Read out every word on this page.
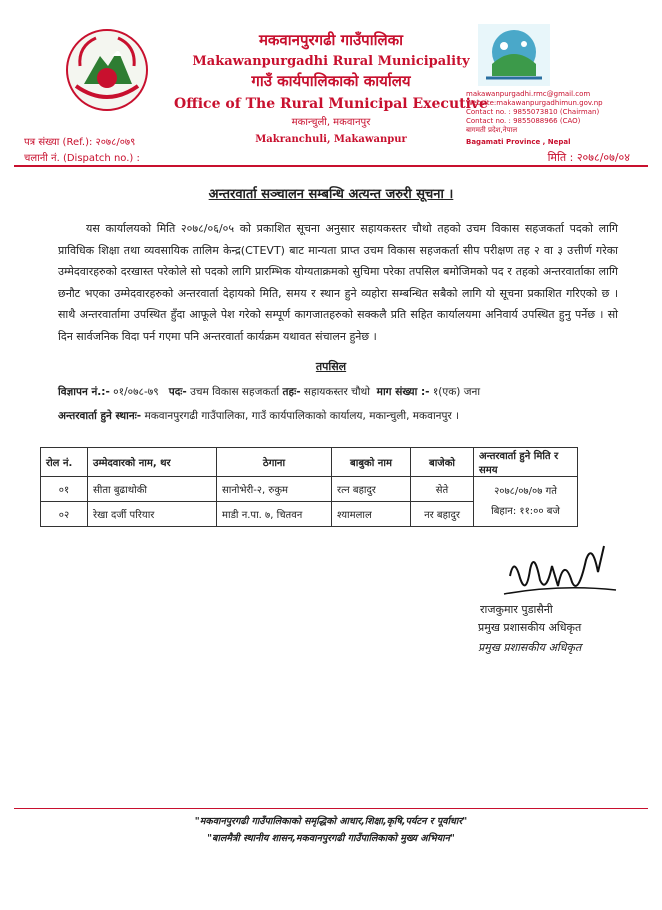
मकवानपुरगढी गाउँपालिका
Makawanpurgadhi Rural Municipality
गाउँ कार्यपालिकाको कार्यालय
Office of The Rural Municipal Executive
मकान्चुली, मकवानपुर
Makranchuli, Makawanpur
makawanpurgadhi.rmc@gmail.com
Website:makawanpurgadhimun.gov.np
Contact no. : 9855073810 (Chairman)
Contact no. : 9855088966 (CAO)
बागमती प्रदेश,नेपाल
Bagamati Province , Nepal
पत्र संख्या (Ref.): २०७८/०७९
चलानी नं. (Dispatch no.) :	मिति : २०७८/०७/०४
अन्तरवार्ता सञ्चालन सम्बन्धि अत्यन्त जरुरी सूचना ।
यस कार्यालयको मिति २०७८/०६/०५ को प्रकाशित सूचना अनुसार सहायकस्तर चौथो तहको उचम विकास सहजकर्ता पदको लागि प्राविधिक शिक्षा तथा व्यवसायिक तालिम केन्द्र(CTEVT) बाट मान्यता प्राप्त उचम विकास सहजकर्ता सीप परीक्षण तह २ वा ३ उत्तीर्ण गरेका उम्मेदवारहरुको दरखास्त परेकोले सो पदको लागि प्रारम्भिक योग्यताक्रमको सुचिमा परेका तपसिल बमोजिमको पद र तहको अन्तरवार्ताका लागि छनौट भएका उम्मेदवारहरुको अन्तरवार्ता देहायको मिति, समय र स्थान हुने व्यहोरा सम्बन्धित सबैको लागि यो सूचना प्रकाशित गरिएको छ । साथै अन्तरवार्तामा उपस्थित हुँदा आफूले पेश गरेको सम्पूर्ण कागजातहरुको सक्कलै प्रति सहित कार्यालयमा अनिवार्य उपस्थित हुनु पर्नेछ । सो दिन सार्वजनिक विदा पर्न गएमा पनि अन्तरवार्ता कार्यक्रम यथावत संचालन हुनेछ ।
तपसिल
विज्ञापन नं.:- ०१/०७८-७९ पदः- उचम विकास सहजकर्ता तहः- सहायकस्तर चौथो माग संख्या :- १(एक) जना
अन्तरवार्ता हुने स्थानः- मकवानपुरगढी गाउँपालिका, गाउँ कार्यपालिकाको कार्यालय, मकान्चुली, मकवानपुर ।
रोल नं.	उम्मेदवारको नाम, थर	ठेगाना	बाबुको नाम	बाजेको	अन्तरवार्ता हुने मिति र समय
०१	सीता बुढाथोकी	सानोभेरी-२, रुकुम	रत्न बहादुर	सेते	२०७८/०७/०७ गते
बिहान: ११:०० बजे

०२	रेखा दर्जी परियार	माडी न.पा. ७, चितवन	श्यामलाल	नर बहादुर	
राजकुमार पुडासैनी
प्रमुख प्रशासकीय अधिकृत
प्रमुख प्रशासकीय अधिकृत
"मकवानपुरगढी गाउँपालिकाको समृद्धिको आधार,शिक्षा,कृषि,पर्यटन र पूर्वाधार"
"बालमैत्री स्थानीय शासन,मकवानपुरगढी गाउँपालिकाको मुख्य अभियान"
